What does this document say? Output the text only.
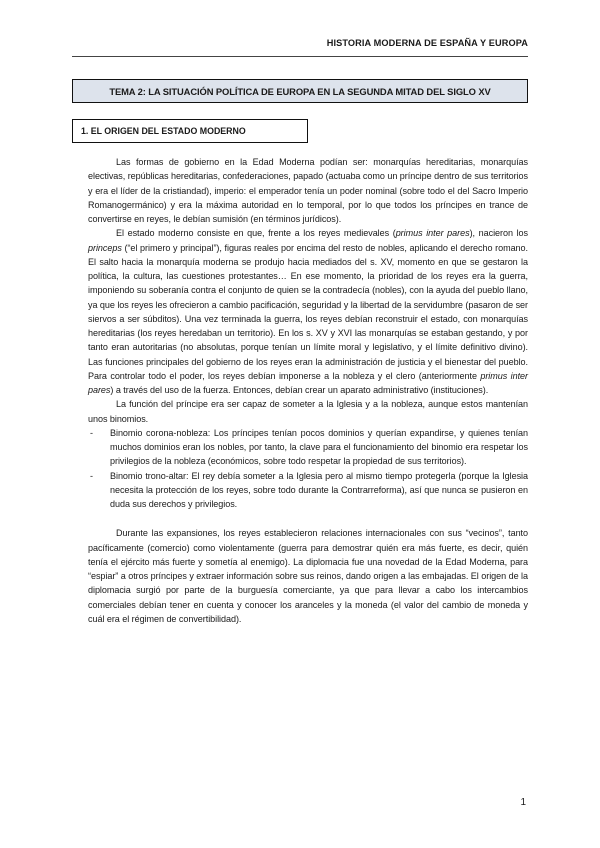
HISTORIA MODERNA DE ESPAÑA Y EUROPA
TEMA 2: LA SITUACIÓN POLÍTICA DE EUROPA EN LA SEGUNDA MITAD DEL SIGLO XV
1. EL ORIGEN DEL ESTADO MODERNO

Las formas de gobierno en la Edad Moderna podían ser: monarquías hereditarias, monarquías electivas, repúblicas hereditarias, confederaciones, papado (actuaba como un príncipe dentro de sus territorios y era el líder de la cristiandad), imperio: el emperador tenía un poder nominal (sobre todo el del Sacro Imperio Romanogermánico) y era la máxima autoridad en lo temporal, por lo que todos los príncipes en trance de convertirse en reyes, le debían sumisión (en términos jurídicos).

El estado moderno consiste en que, frente a los reyes medievales (primus inter pares), nacieron los princeps (“el primero y principal”), figuras reales por encima del resto de nobles, aplicando el derecho romano. El salto hacia la monarquía moderna se produjo hacia mediados del s. XV, momento en que se gestaron la política, la cultura, las cuestiones protestantes… En ese momento, la prioridad de los reyes era la guerra, imponiendo su soberanía contra el conjunto de quien se la contradecía (nobles), con la ayuda del pueblo llano, ya que los reyes les ofrecieron a cambio pacificación, seguridad y la libertad de la servidumbre (pasaron de ser siervos a ser súbditos). Una vez terminada la guerra, los reyes debían reconstruir el estado, con monarquías hereditarias (los reyes heredaban un territorio). En los s. XV y XVI las monarquías se estaban gestando, y por tanto eran autoritarias (no absolutas, porque tenían un límite moral y legislativo, y el límite definitivo divino). Las funciones principales del gobierno de los reyes eran la administración de justicia y el bienestar del pueblo. Para controlar todo el poder, los reyes debían imponerse a la nobleza y el clero (anteriormente primus inter pares) a través del uso de la fuerza. Entonces, debían crear un aparato administrativo (instituciones).

La función del príncipe era ser capaz de someter a la Iglesia y a la nobleza, aunque estos mantenían unos binomios.

- Binomio corona-nobleza: Los príncipes tenían pocos dominios y querían expandirse, y quienes tenían muchos dominios eran los nobles, por tanto, la clave para el funcionamiento del binomio era respetar los privilegios de la nobleza (económicos, sobre todo respetar la propiedad de sus territorios).
- Binomio trono-altar: El rey debía someter a la Iglesia pero al mismo tiempo protegerla (porque la Iglesia necesita la protección de los reyes, sobre todo durante la Contrarreforma), así que nunca se pusieron en duda sus derechos y privilegios.

Durante las expansiones, los reyes establecieron relaciones internacionales con sus “vecinos”, tanto pacíficamente (comercio) como violentamente (guerra para demostrar quién era más fuerte, es decir, quién tenía el ejército más fuerte y sometía al enemigo). La diplomacia fue una novedad de la Edad Moderna, para “espiar” a otros príncipes y extraer información sobre sus reinos, dando origen a las embajadas. El origen de la diplomacia surgió por parte de la burguesía comerciante, ya que para llevar a cabo los intercambios comerciales debían tener en cuenta y conocer los aranceles y la moneda (el valor del cambio de moneda y cuál era el régimen de convertibilidad).

1
